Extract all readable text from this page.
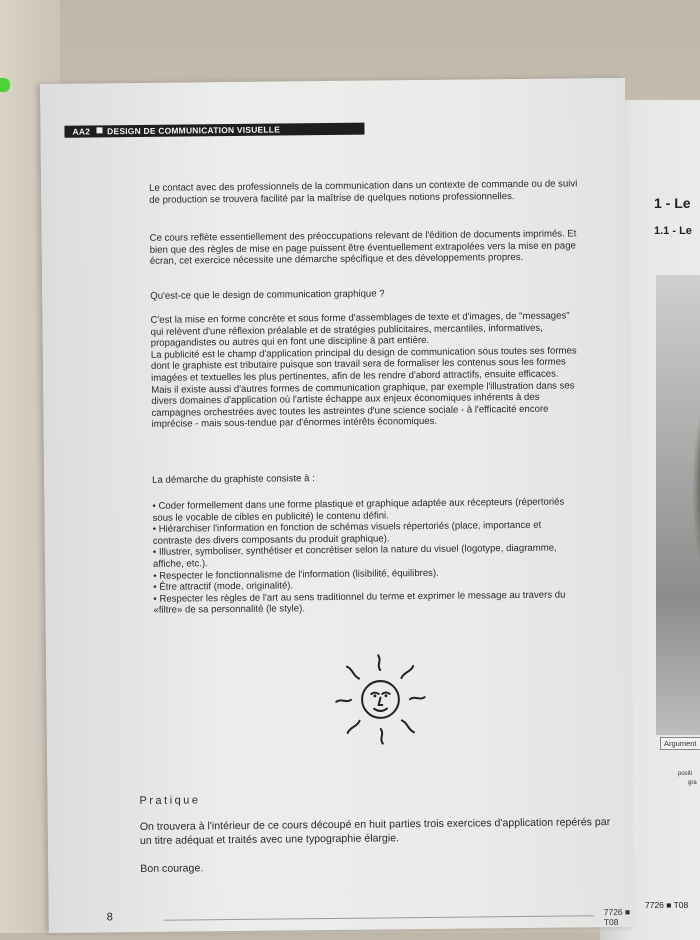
1 - Le
1.1 - Le
Argument
positi
gra
7726 ■ T08
AA2 DESIGN DE COMMUNICATION VISUELLE
Le contact avec des professionnels de la communication dans un contexte de commande ou de suivi de production se trouvera facilité par la maîtrise de quelques notions professionnelles.
Ce cours reflète essentiellement des préoccupations relevant de l'édition de documents imprimés. Et bien que des règles de mise en page puissent être éventuellement extrapolées vers la mise en page écran, cet exercice nécessite une démarche spécifique et des développements propres.
Qu'est-ce que le design de communication graphique ?

C'est la mise en forme concrète et sous forme d'assemblages de texte et d'images, de "messages" qui relèvent d'une réflexion préalable et de stratégies publicitaires, mercantiles, informatives, propagandistes ou autres qui en font une discipline à part entière.

La publicité est le champ d'application principal du design de communication sous toutes ses formes dont le graphiste est tributaire puisque son travail sera de formaliser les contenus sous les formes imagées et textuelles les plus pertinentes, afin de les rendre d'abord attractifs, ensuite efficaces.

Mais il existe aussi d'autres formes de communication graphique, par exemple l'illustration dans ses divers domaines d'application où l'artiste échappe aux enjeux économiques inhérents à des campagnes orchestrées avec toutes les astreintes d'une science sociale - à l'efficacité encore imprécise - mais sous-tendue par d'énormes intérêts économiques.

La démarche du graphiste consiste à :

• Coder formellement dans une forme plastique et graphique adaptée aux récepteurs (répertoriés sous le vocable de cibles en publicité) le contenu défini.

• Hiérarchiser l'information en fonction de schémas visuels répertoriés (place, importance et contraste des divers composants du produit graphique).

• Illustrer, symboliser, synthétiser et concrétiser selon la nature du visuel (logotype, diagramme, affiche, etc.).

• Respecter le fonctionnalisme de l'information (lisibilité, équilibres).

• Être attractif (mode, originalité).

• Respecter les règles de l'art au sens traditionnel du terme et exprimer le message au travers du «filtre» de sa personnalité (le style).

Pratique
On trouvera à l'intérieur de ce cours découpé en huit parties trois exercices d'application repérés par un titre adéquat et traités avec une typographie élargie.
Bon courage.
8	7726 ■ T08
